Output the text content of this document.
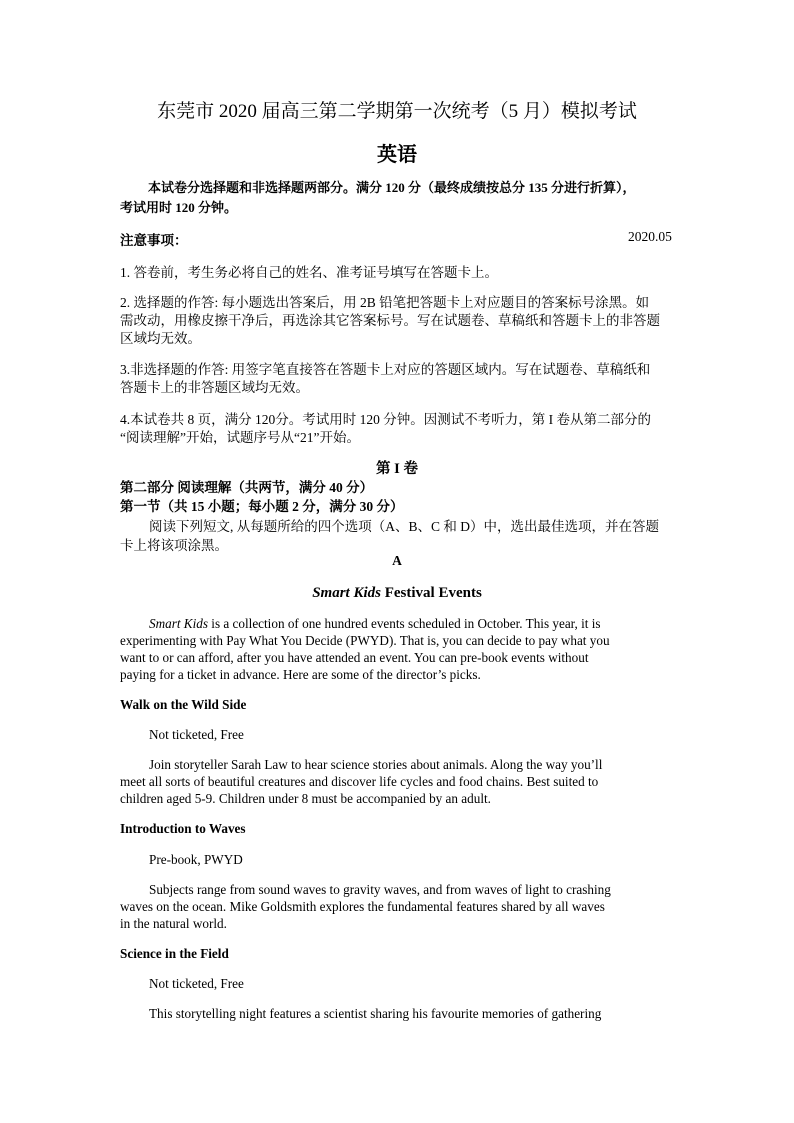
东莞市 2020 届高三第二学期第一次统考（5 月）模拟考试
英语
本试卷分选择题和非选择题两部分。满分 120 分（最终成绩按总分 135 分进行折算），
考试用时 120 分钟。
注意事项：	2020.05
1. 答卷前，考生务必将自己的姓名、准考证号填写在答题卡上。
2. 选择题的作答: 每小题选出答案后，用 2B 铅笔把答题卡上对应题目的答案标号涂黑。如
需改动，用橡皮擦干净后，再选涂其它答案标号。写在试题卷、草稿纸和答题卡上的非答题
区域均无效。
3.非选择题的作答: 用签字笔直接答在答题卡上对应的答题区域内。写在试题卷、草稿纸和
答题卡上的非答题区域均无效。
4.本试卷共 8 页，满分 120分。考试用时 120 分钟。因测试不考听力，第 I 卷从第二部分的
“阅读理解”开始，试题序号从“21”开始。
第 I 卷
第二部分 阅读理解（共两节，满分 40 分）
第一节（共 15 小题；每小题 2 分，满分 30 分）
阅读下列短文, 从每题所给的四个选项（A、B、C 和 D）中，选出最佳选项，并在答题
卡上将该项涂黑。
A
Smart Kids Festival Events
Smart Kids is a collection of one hundred events scheduled in October. This year, it is
experimenting with Pay What You Decide (PWYD). That is, you can decide to pay what you
want to or can afford, after you have attended an event. You can pre-book events without
paying for a ticket in advance. Here are some of the director’s picks.
Walk on the Wild Side
Not ticketed, Free
Join storyteller Sarah Law to hear science stories about animals. Along the way you’ll
meet all sorts of beautiful creatures and discover life cycles and food chains. Best suited to
children aged 5-9. Children under 8 must be accompanied by an adult.
Introduction to Waves
Pre-book, PWYD
Subjects range from sound waves to gravity waves, and from waves of light to crashing
waves on the ocean. Mike Goldsmith explores the fundamental features shared by all waves
in the natural world.
Science in the Field
Not ticketed, Free
This storytelling night features a scientist sharing his favourite memories of gathering
